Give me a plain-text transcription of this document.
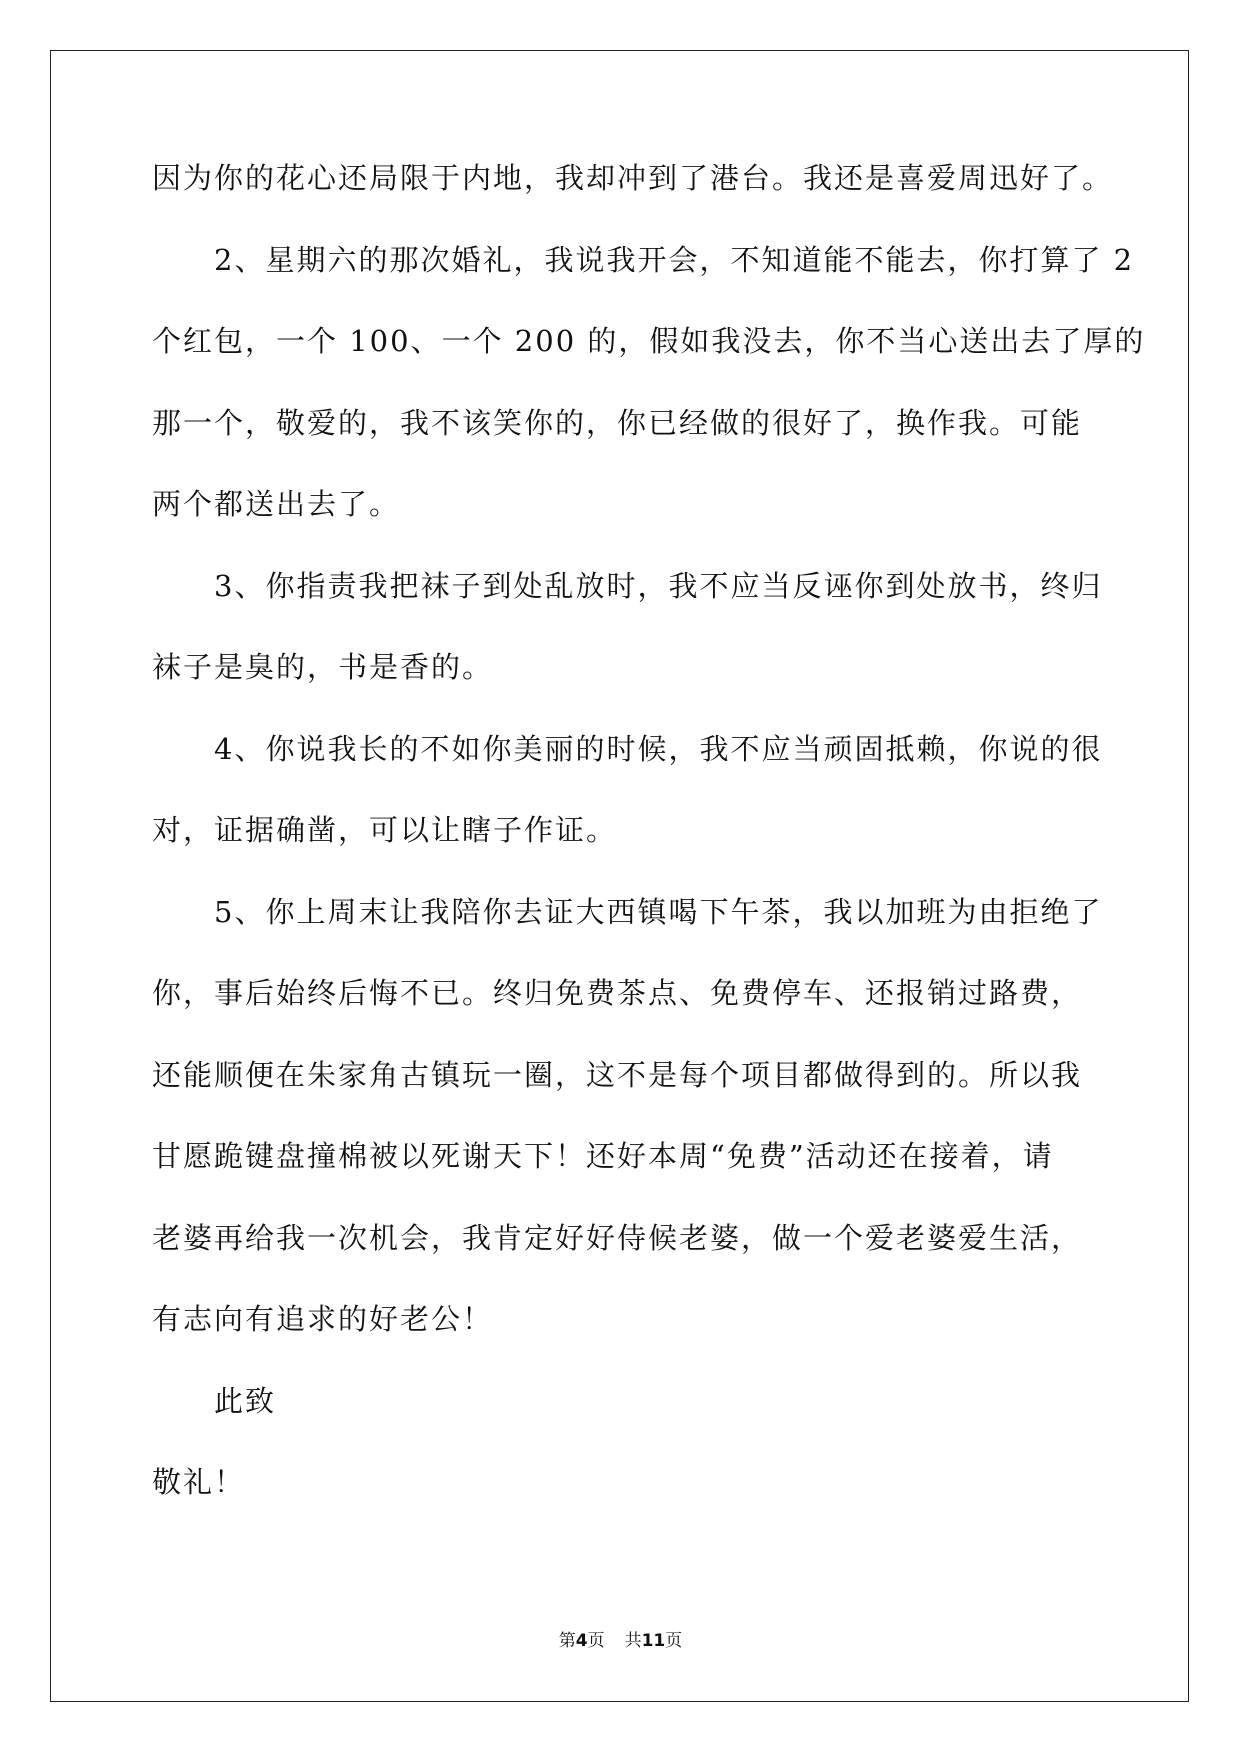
因为你的花心还局限于内地，我却冲到了港台。我还是喜爱周迅好了。
　　2、星期六的那次婚礼，我说我开会，不知道能不能去，你打算了 2
个红包，一个 100、一个 200 的，假如我没去，你不当心送出去了厚的
那一个，敬爱的，我不该笑你的，你已经做的很好了，换作我。可能
两个都送出去了。
　　3、你指责我把袜子到处乱放时，我不应当反诬你到处放书，终归
袜子是臭的，书是香的。
　　4、你说我长的不如你美丽的时候，我不应当顽固抵赖，你说的很
对，证据确凿，可以让瞎子作证。
　　5、你上周末让我陪你去证大西镇喝下午茶，我以加班为由拒绝了
你，事后始终后悔不已。终归免费茶点、免费停车、还报销过路费，
还能顺便在朱家角古镇玩一圈，这不是每个项目都做得到的。所以我
甘愿跪键盘撞棉被以死谢天下！还好本周“免费”活动还在接着，请
老婆再给我一次机会，我肯定好好侍候老婆，做一个爱老婆爱生活，
有志向有追求的好老公！
　　此致
敬礼！
第4页 共11页
